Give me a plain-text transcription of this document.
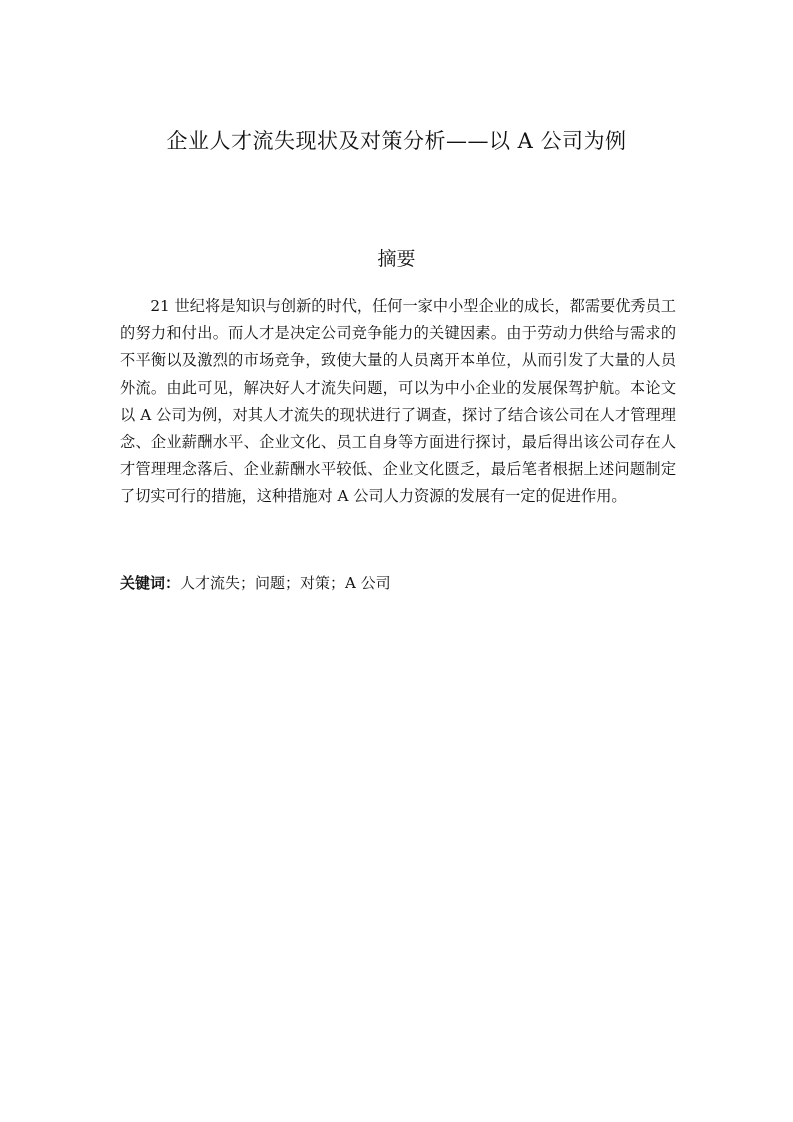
企业人才流失现状及对策分析——以 A 公司为例
摘要

21 世纪将是知识与创新的时代，任何一家中小型企业的成长，都需要优秀员工的努力和付出。而人才是决定公司竞争能力的关键因素。由于劳动力供给与需求的不平衡以及激烈的市场竞争，致使大量的人员离开本单位，从而引发了大量的人员外流。由此可见，解决好人才流失问题，可以为中小企业的发展保驾护航。本论文以 A 公司为例，对其人才流失的现状进行了调查，探讨了结合该公司在人才管理理念、企业薪酬水平、企业文化、员工自身等方面进行探讨，最后得出该公司存在人才管理理念落后、企业薪酬水平较低、企业文化匮乏，最后笔者根据上述问题制定了切实可行的措施，这种措施对 A 公司人力资源的发展有一定的促进作用。

关键词：人才流失；问题；对策；A 公司
